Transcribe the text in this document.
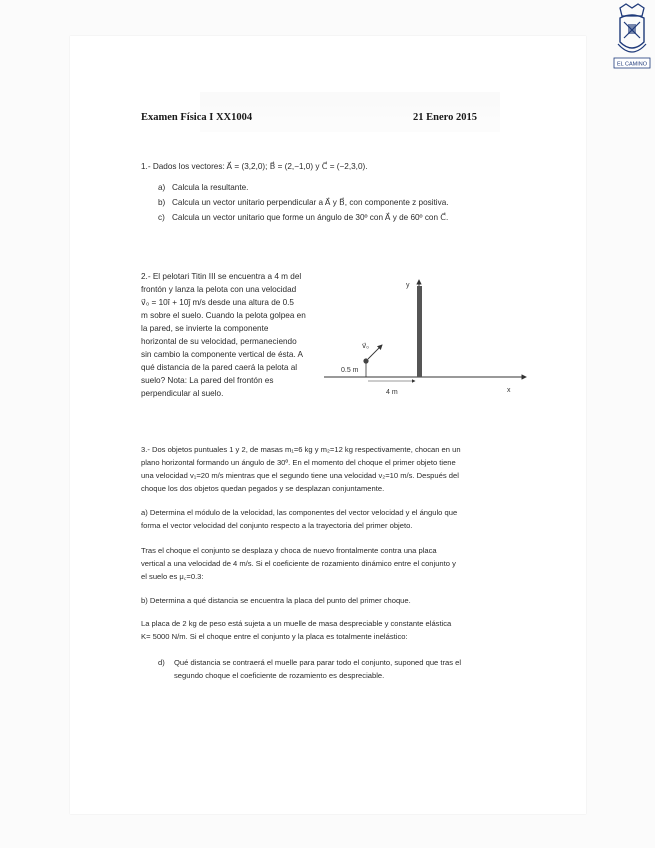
EL CAMINO
Examen Física I XX1004	21 Enero 2015
1.- Dados los vectores: A⃗ = (3,2,0); B⃗ = (2,−1,0) y C⃗ = (−2,3,0).
a) Calcula la resultante.
b) Calcula un vector unitario perpendicular a A⃗ y B⃗, con componente z positiva.
c) Calcula un vector unitario que forme un ángulo de 30º con A⃗ y de 60º con C⃗.
2.- El pelotari Titin III se encuentra a 4 m del
frontón y lanza la pelota con una velocidad
v⃗₀ = 10î + 10ĵ m/s desde una altura de 0.5
m sobre el suelo. Cuando la pelota golpea en
la pared, se invierte la componente
horizontal de su velocidad, permaneciendo
sin cambio la componente vertical de ésta. A
qué distancia de la pared caerá la pelota al
suelo? Nota: La pared del frontón es
perpendicular al suelo.
y
x
v⃗₀
0.5 m
4 m
3.- Dos objetos puntuales 1 y 2, de masas m₁=6 kg y m₂=12 kg respectivamente, chocan en un
plano horizontal formando un ángulo de 30º. En el momento del choque el primer objeto tiene
una velocidad v₁=20 m/s mientras que el segundo tiene una velocidad v₂=10 m/s. Después del
choque los dos objetos quedan pegados y se desplazan conjuntamente.
a) Determina el módulo de la velocidad, las componentes del vector velocidad y el ángulo que
forma el vector velocidad del conjunto respecto a la trayectoria del primer objeto.
Tras el choque el conjunto se desplaza y choca de nuevo frontalmente contra una placa
vertical a una velocidad de 4 m/s. Si el coeficiente de rozamiento dinámico entre el conjunto y
el suelo es μ꜀=0.3:
b) Determina a qué distancia se encuentra la placa del punto del primer choque.
La placa de 2 kg de peso está sujeta a un muelle de masa despreciable y constante elástica
K= 5000 N/m. Si el choque entre el conjunto y la placa es totalmente inelástico:
d) Qué distancia se contraerá el muelle para parar todo el conjunto, suponed que tras el
segundo choque el coeficiente de rozamiento es despreciable.
